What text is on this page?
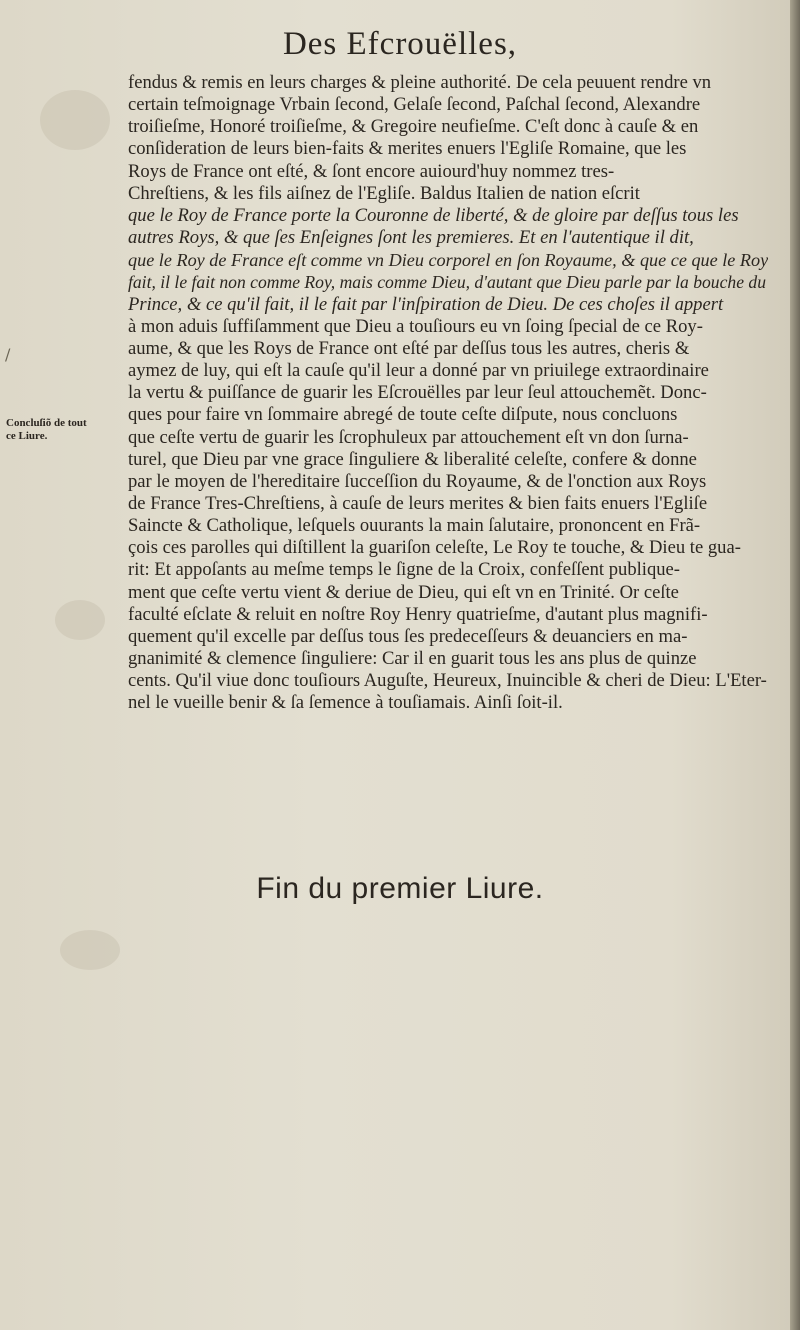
/
Des Efcrouëlles,
Concluſiõ de tout
ce Liure.
fendus & remis en leurs charges & pleine authorité. De cela peuuent rendre vn
certain teſmoignage Vrbain ſecond, Gelaſe ſecond, Paſchal ſecond, Alexandre
troiſieſme, Honoré troiſieſme, & Gregoire neufieſme. C'eſt donc à cauſe & en
conſideration de leurs bien-faits & merites enuers l'Egliſe Romaine, que les
Roys de France ont eſté, & ſont encore auiourd'huy nommez tres-
Chreſtiens, & les fils aiſnez de l'Egliſe. Baldus Italien de nation eſcrit
que le Roy de France porte la Couronne de liberté, & de gloire par deſſus tous les
autres Roys, & que ſes Enſeignes ſont les premieres. Et en l'autentique il dit,
que le Roy de France eſt comme vn Dieu corporel en ſon Royaume, & que ce que le Roy
fait, il le fait non comme Roy, mais comme Dieu, d'autant que Dieu parle par la bouche du
Prince, & ce qu'il fait, il le fait par l'inſpiration de Dieu. De ces choſes il appert
à mon aduis ſuffiſamment que Dieu a touſiours eu vn ſoing ſpecial de ce Roy-
aume, & que les Roys de France ont eſté par deſſus tous les autres, cheris &
aymez de luy, qui eſt la cauſe qu'il leur a donné par vn priuilege extraordinaire
la vertu & puiſſance de guarir les Eſcrouëlles par leur ſeul attouchemẽt. Donc-
ques pour faire vn ſommaire abregé de toute ceſte diſpute, nous concluons
que ceſte vertu de guarir les ſcrophuleux par attouchement eſt vn don ſurna-
turel, que Dieu par vne grace ſinguliere & liberalité celeſte, confere & donne
par le moyen de l'hereditaire ſucceſſion du Royaume, & de l'onction aux Roys
de France Tres-Chreſtiens, à cauſe de leurs merites & bien faits enuers l'Egliſe
Saincte & Catholique, leſquels ouurants la main ſalutaire, prononcent en Frã-
çois ces parolles qui diſtillent la guariſon celeſte, Le Roy te touche, & Dieu te gua-
rit: Et appoſants au meſme temps le ſigne de la Croix, confeſſent publique-
ment que ceſte vertu vient & deriue de Dieu, qui eſt vn en Trinité. Or ceſte
faculté eſclate & reluit en noſtre Roy Henry quatrieſme, d'autant plus magnifi-
quement qu'il excelle par deſſus tous ſes predeceſſeurs & deuanciers en ma-
gnanimité & clemence ſinguliere: Car il en guarit tous les ans plus de quinze
cents. Qu'il viue donc touſiours Auguſte, Heureux, Inuincible & cheri de Dieu: L'Eter-
nel le vueille benir & ſa ſemence à touſiamais. Ainſi ſoit-il.
Fin du premier Liure.
